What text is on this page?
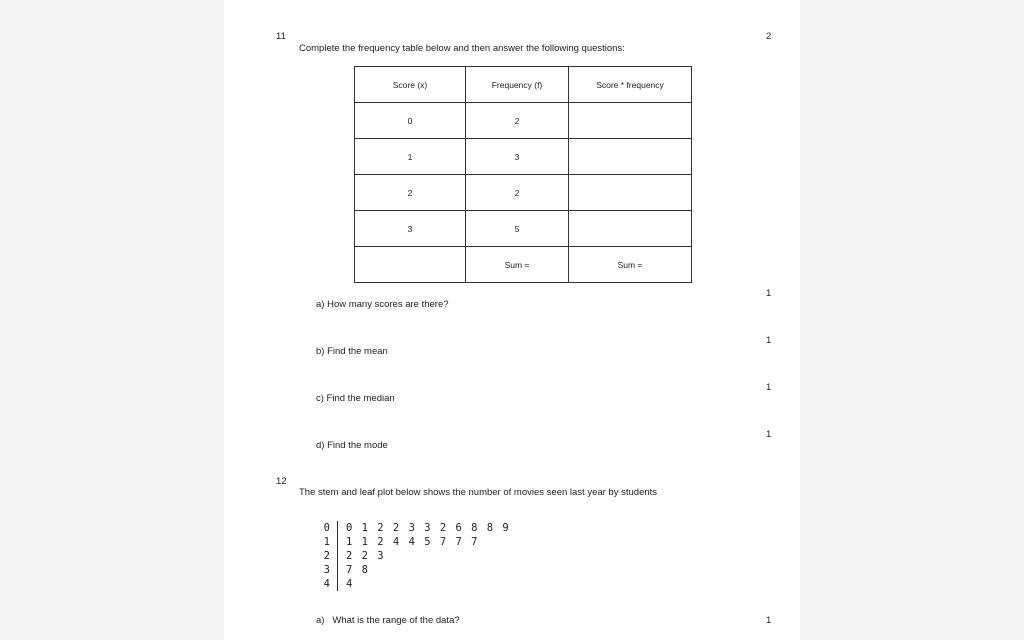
11	2
Complete the frequency table below and then answer the following questions:
Score (x)	Frequency (f)	Score * frequency
0	2	
1	3	
2	2	
3	5	
	Sum =	Sum =
1
a) How many scores are there?
1
b) Find the mean
1
c) Find the median
1
d) Find the mode
12
The stem and leaf plot below shows the number of movies seen last year by students
0 0 1 2 2 3 3 2 6 8 8 9
1 1 1 2 4 4 5 7 7 7
2 2 2 3
3 7 8
4 4
1
a)   What is the range of the data?
